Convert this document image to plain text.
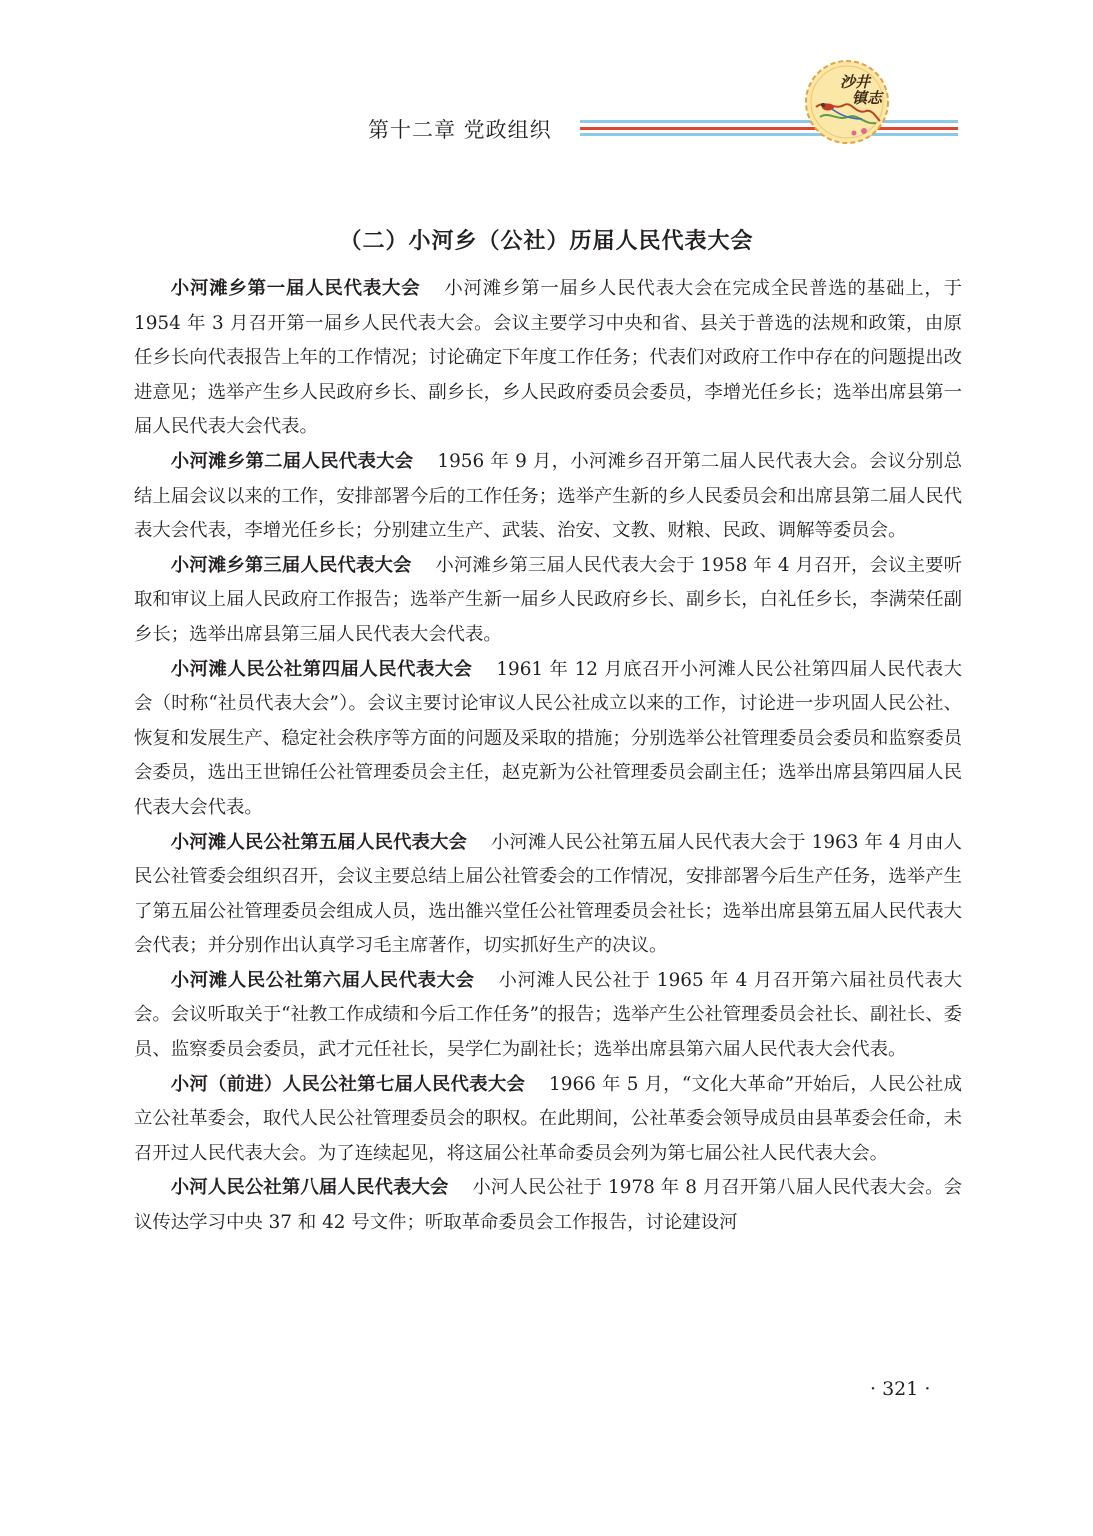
第十二章 党政组织
沙井
镇志
（二）小河乡（公社）历届人民代表大会

小河滩乡第一届人民代表大会 小河滩乡第一届乡人民代表大会在完成全民普选的基础上，于 1954 年 3 月召开第一届乡人民代表大会。会议主要学习中央和省、县关于普选的法规和政策，由原任乡长向代表报告上年的工作情况；讨论确定下年度工作任务；代表们对政府工作中存在的问题提出改进意见；选举产生乡人民政府乡长、副乡长，乡人民政府委员会委员，李增光任乡长；选举出席县第一届人民代表大会代表。

小河滩乡第二届人民代表大会 1956 年 9 月，小河滩乡召开第二届人民代表大会。会议分别总结上届会议以来的工作，安排部署今后的工作任务；选举产生新的乡人民委员会和出席县第二届人民代表大会代表，李增光任乡长；分别建立生产、武装、治安、文教、财粮、民政、调解等委员会。

小河滩乡第三届人民代表大会 小河滩乡第三届人民代表大会于 1958 年 4 月召开，会议主要听取和审议上届人民政府工作报告；选举产生新一届乡人民政府乡长、副乡长，白礼任乡长，李满荣任副乡长；选举出席县第三届人民代表大会代表。

小河滩人民公社第四届人民代表大会 1961 年 12 月底召开小河滩人民公社第四届人民代表大会（时称“社员代表大会”）。会议主要讨论审议人民公社成立以来的工作，讨论进一步巩固人民公社、恢复和发展生产、稳定社会秩序等方面的问题及采取的措施；分别选举公社管理委员会委员和监察委员会委员，选出王世锦任公社管理委员会主任，赵克新为公社管理委员会副主任；选举出席县第四届人民代表大会代表。

小河滩人民公社第五届人民代表大会 小河滩人民公社第五届人民代表大会于 1963 年 4 月由人民公社管委会组织召开，会议主要总结上届公社管委会的工作情况，安排部署今后生产任务，选举产生了第五届公社管理委员会组成人员，选出雒兴堂任公社管理委员会社长；选举出席县第五届人民代表大会代表；并分别作出认真学习毛主席著作，切实抓好生产的决议。

小河滩人民公社第六届人民代表大会 小河滩人民公社于 1965 年 4 月召开第六届社员代表大会。会议听取关于“社教工作成绩和今后工作任务”的报告；选举产生公社管理委员会社长、副社长、委员、监察委员会委员，武才元任社长，吴学仁为副社长；选举出席县第六届人民代表大会代表。

小河（前进）人民公社第七届人民代表大会 1966 年 5 月，“文化大革命”开始后，人民公社成立公社革委会，取代人民公社管理委员会的职权。在此期间，公社革委会领导成员由县革委会任命，未召开过人民代表大会。为了连续起见，将这届公社革命委员会列为第七届公社人民代表大会。

小河人民公社第八届人民代表大会 小河人民公社于 1978 年 8 月召开第八届人民代表大会。会议传达学习中央 37 和 42 号文件；听取革命委员会工作报告，讨论建设河

· 321 ·
